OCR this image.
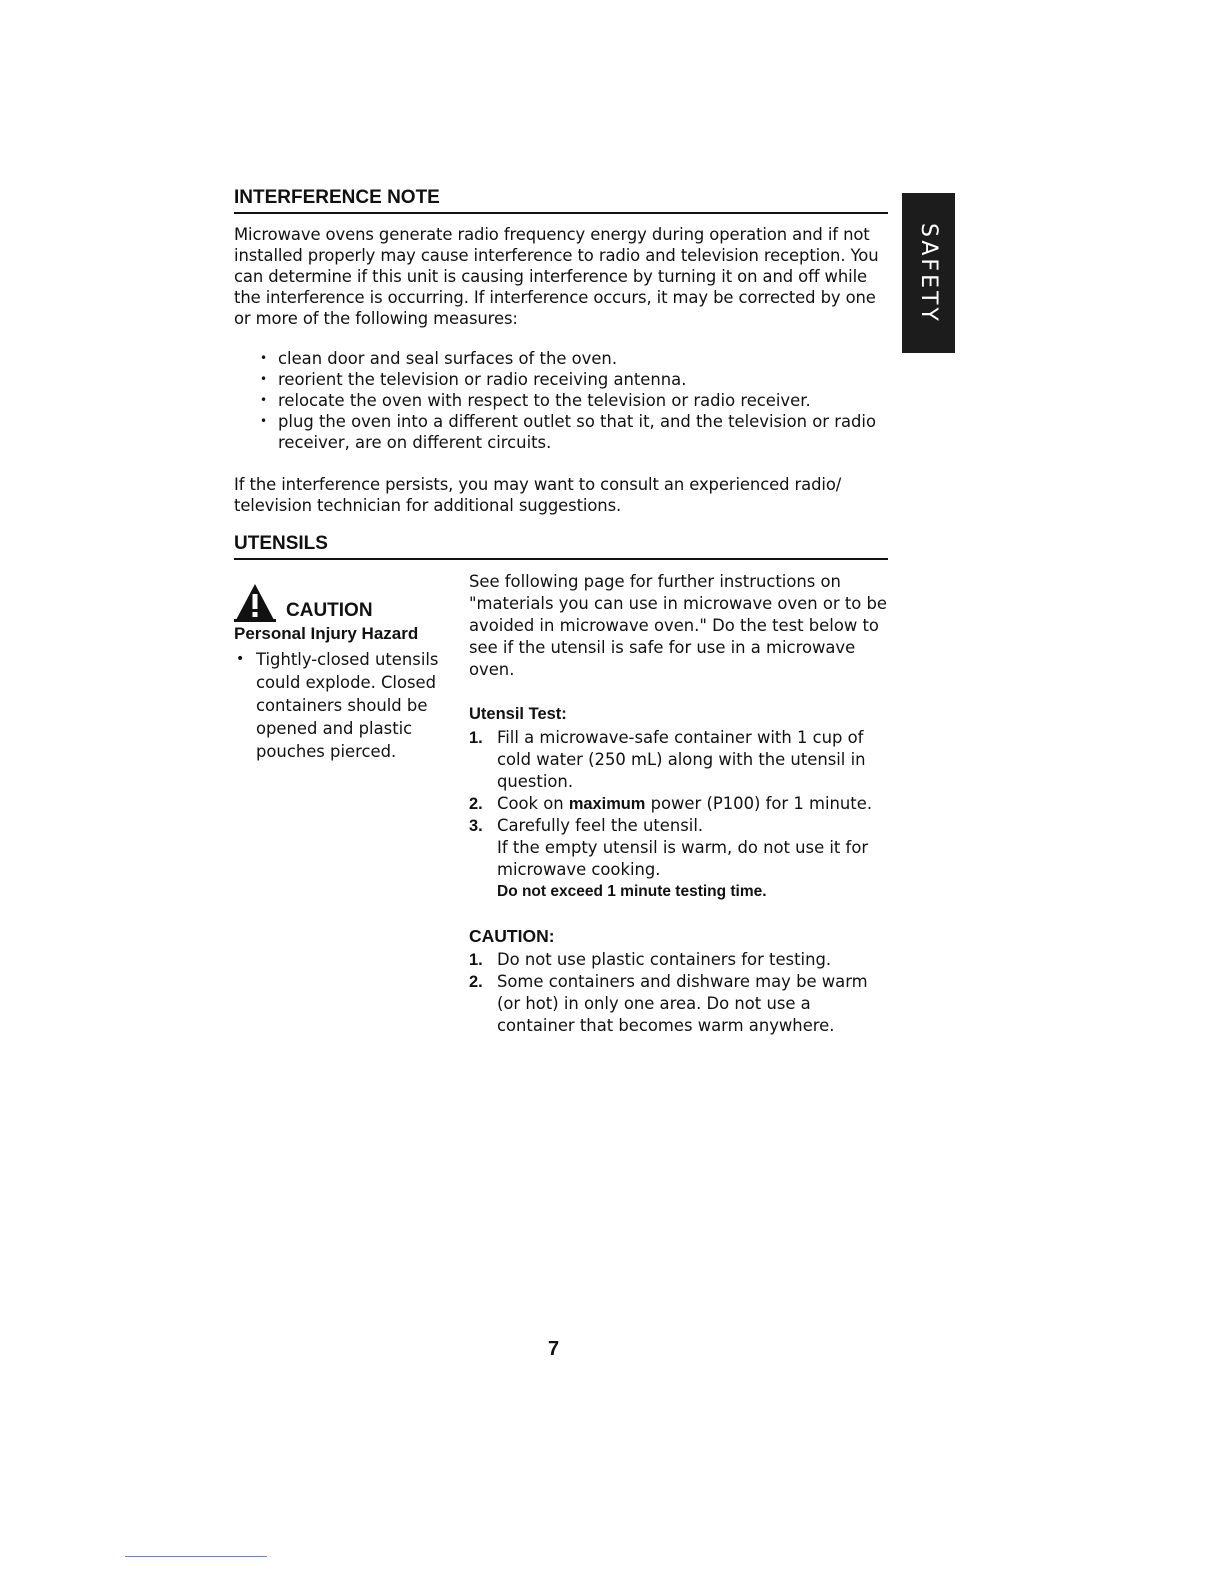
SAFETY
INTERFERENCE NOTE
Microwave ovens generate radio frequency energy during operation and if not installed properly may cause interference to radio and television reception. You can determine if this unit is causing interference by turning it on and off while the interference is occurring. If interference occurs, it may be corrected by one or more of the following measures:
• clean door and seal surfaces of the oven.
• reorient the television or radio receiving antenna.
• relocate the oven with respect to the television or radio receiver.
• plug the oven into a different outlet so that it, and the television or radio receiver, are on different circuits.
If the interference persists, you may want to consult an experienced radio/ television technician for additional suggestions.
UTENSILS
CAUTION
Personal Injury Hazard
• Tightly-closed utensils could explode. Closed containers should be opened and plastic pouches pierced.
See following page for further instructions on "materials you can use in microwave oven or to be avoided in microwave oven." Do the test below to see if the utensil is safe for use in a microwave oven.
Utensil Test:
1. Fill a microwave-safe container with 1 cup of cold water (250 mL) along with the utensil in question.
2. Cook on maximum power (P100) for 1 minute.
3. Carefully feel the utensil.
If the empty utensil is warm, do not use it for microwave cooking.
Do not exceed 1 minute testing time.
CAUTION:
1. Do not use plastic containers for testing.
2. Some containers and dishware may be warm (or hot) in only one area. Do not use a container that becomes warm anywhere.
7
